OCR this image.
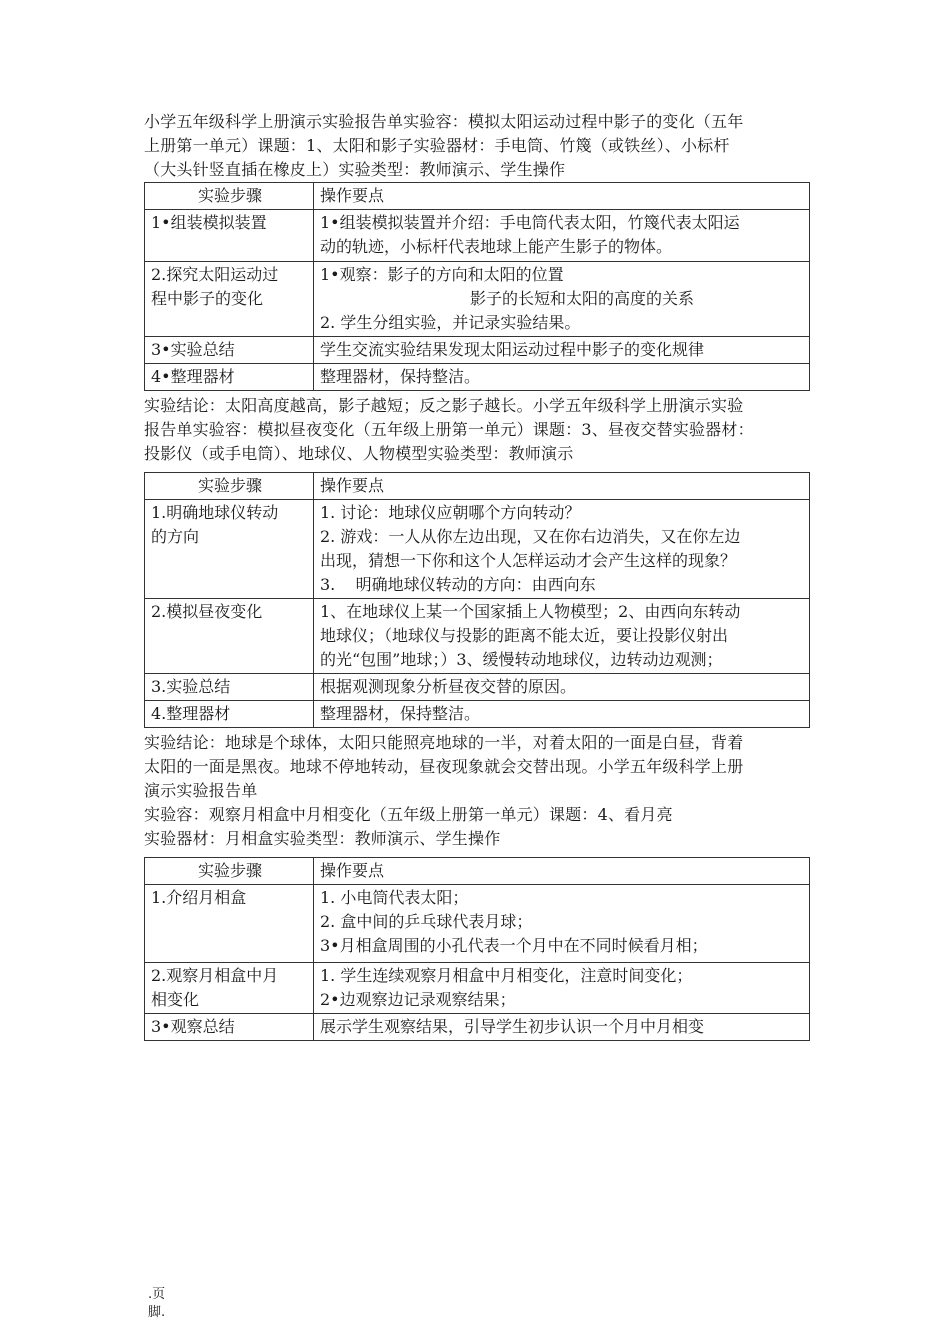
小学五年级科学上册演示实验报告单实验容：模拟太阳运动过程中影子的变化（五年
上册第一单元）课题：1、太阳和影子实验器材：手电筒、竹篾（或铁丝）、小标杆
（大头针竖直插在橡皮上）实验类型：教师演示、学生操作

实验步骤	操作要点

1•组装模拟装置	1•组装模拟装置并介绍：手电筒代表太阳，竹篾代表太阳运
动的轨迹，小标杆代表地球上能产生影子的物体。

2.探究太阳运动过
程中影子的变化	1•观察：影子的方向和太阳的位置
影子的长短和太阳的高度的关系
2. 学生分组实验，并记录实验结果。

3•实验总结	学生交流实验结果发现太阳运动过程中影子的变化规律

4•整理器材	整理器材，保持整洁。

实验结论：太阳高度越高，影子越短；反之影子越长。小学五年级科学上册演示实验
报告单实验容：模拟昼夜变化（五年级上册第一单元）课题：3、昼夜交替实验器材：
投影仪（或手电筒）、地球仪、人物模型实验类型：教师演示

实验步骤	操作要点

1.明确地球仪转动
的方向	1. 讨论：地球仪应朝哪个方向转动？
2. 游戏：一人从你左边出现，又在你右边消失，又在你左边
出现，猜想一下你和这个人怎样运动才会产生这样的现象？
3.    明确地球仪转动的方向：由西向东

2.模拟昼夜变化	1、在地球仪上某一个国家插上人物模型；2、由西向东转动
地球仪；（地球仪与投影的距离不能太近，要让投影仪射出
的光“包围”地球；）3、缓慢转动地球仪，边转动边观测；

3.实验总结	根据观测现象分析昼夜交替的原因。

4.整理器材	整理器材，保持整洁。

实验结论：地球是个球体，太阳只能照亮地球的一半，对着太阳的一面是白昼，背着
太阳的一面是黑夜。地球不停地转动，昼夜现象就会交替出现。小学五年级科学上册
演示实验报告单
实验容：观察月相盒中月相变化（五年级上册第一单元）课题：4、看月亮
实验器材：月相盒实验类型：教师演示、学生操作

实验步骤	操作要点

1.介绍月相盒	1. 小电筒代表太阳；
2. 盒中间的乒乓球代表月球；
3•月相盒周围的小孔代表一个月中在不同时候看月相；

2.观察月相盒中月
相变化	1. 学生连续观察月相盒中月相变化，注意时间变化；
2•边观察边记录观察结果；

3•观察总结	展示学生观察结果，引导学生初步认识一个月中月相变
.页
脚.
